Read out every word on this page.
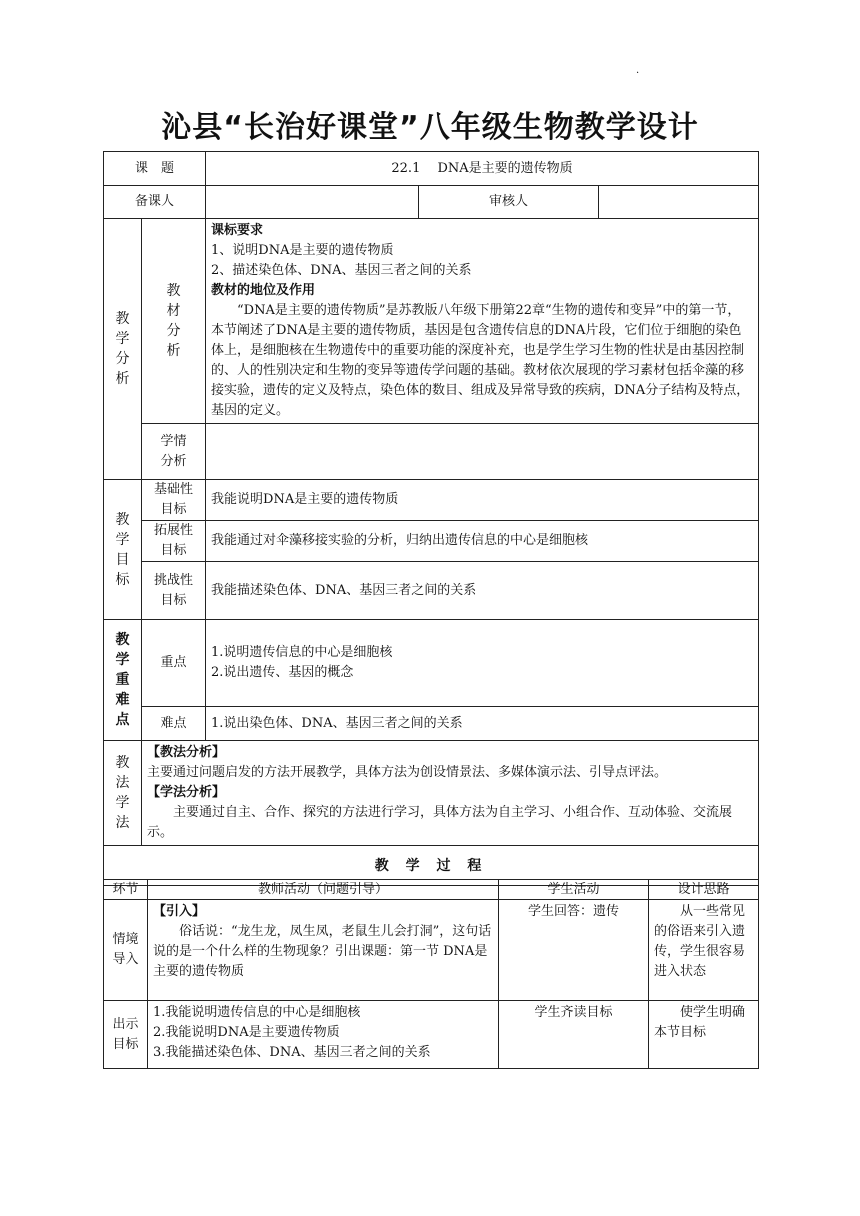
.
沁县“长治好课堂”八年级生物教学设计
课　题		22.1　 DNA是主要的遗传物质		
备课人			审核人	
教学分析	教材分析	课标要求

1、说明DNA是主要的遗传物质

2、描述染色体、DNA、基因三者之间的关系

教材的地位及作用

“DNA是主要的遗传物质”是苏教版八年级下册第22章“生物的遗传和变异”中的第一节，本节阐述了DNA是主要的遗传物质，基因是包含遗传信息的DNA片段，它们位于细胞的染色体上，是细胞核在生物遗传中的重要功能的深度补充，也是学生学习生物的性状是由基因控制的、人的性别决定和生物的变异等遗传学问题的基础。教材依次展现的学习素材包括伞藻的移接实验，遗传的定义及特点，染色体的数目、组成及异常导致的疾病，DNA分子结构及特点，基因的定义。		

	学情分析			
教学目标	基础性目标	我能说明DNA是主要的遗传物质		
	拓展性目标	我能通过对伞藻移接实验的分析，归纳出遗传信息的中心是细胞核		
	挑战性目标	我能描述染色体、DNA、基因三者之间的关系		
教学重难点	重点	1.说明遗传信息的中心是细胞核

2.说出遗传、基因的概念		

	难点	1.说出染色体、DNA、基因三者之间的关系		
教法学法	【教法分析】

主要通过问题启发的方法开展教学，具体方法为创设情景法、多媒体演示法、引导点评法。

【学法分析】

主要通过自主、合作、探究的方法进行学习，具体方法为自主学习、小组合作、互动体验、交流展示。			

教 学 过 程				
环节	教师活动（问题引导）	学生活动	设计思路
情境导入	【引入】

俗话说：“龙生龙，凤生凤，老鼠生儿会打洞”，这句话说的是一个什么样的生物现象？引出课题：第一节 DNA是主要的遗传物质	学生回答：遗传	从一些常见的俗语来引入遗传，学生很容易进入状态
出示目标	1.我能说明遗传信息的中心是细胞核

2.我能说明DNA是主要遗传物质

3.我能描述染色体、DNA、基因三者之间的关系	学生齐读目标	使学生明确本节目标
